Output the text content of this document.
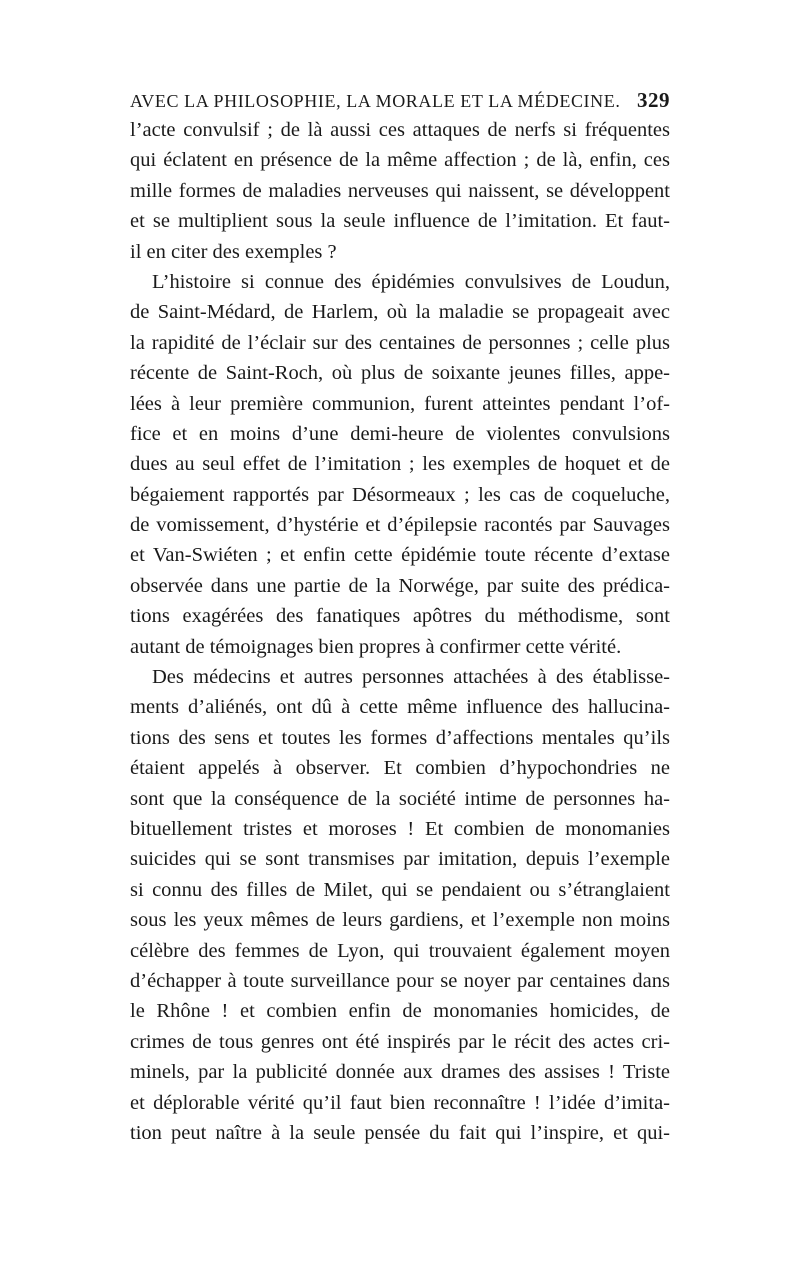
AVEC LA PHILOSOPHIE, LA MORALE ET LA MÉDECINE. 329
l’acte convulsif ; de là aussi ces attaques de nerfs si fréquentes
qui éclatent en présence de la même affection ; de là, enfin, ces
mille formes de maladies nerveuses qui naissent, se développent
et se multiplient sous la seule influence de l’imitation. Et faut-
il en citer des exemples ?
L’histoire si connue des épidémies convulsives de Loudun,
de Saint-Médard, de Harlem, où la maladie se propageait avec
la rapidité de l’éclair sur des centaines de personnes ; celle plus
récente de Saint-Roch, où plus de soixante jeunes filles, appe-
lées à leur première communion, furent atteintes pendant l’of-
fice et en moins d’une demi-heure de violentes convulsions
dues au seul effet de l’imitation ; les exemples de hoquet et de
bégaiement rapportés par Désormeaux ; les cas de coqueluche,
de vomissement, d’hystérie et d’épilepsie racontés par Sauvages
et Van-Swiéten ; et enfin cette épidémie toute récente d’extase
observée dans une partie de la Norwége, par suite des prédica-
tions exagérées des fanatiques apôtres du méthodisme, sont
autant de témoignages bien propres à confirmer cette vérité.
Des médecins et autres personnes attachées à des établisse-
ments d’aliénés, ont dû à cette même influence des hallucina-
tions des sens et toutes les formes d’affections mentales qu’ils
étaient appelés à observer. Et combien d’hypochondries ne
sont que la conséquence de la société intime de personnes ha-
bituellement tristes et moroses ! Et combien de monomanies
suicides qui se sont transmises par imitation, depuis l’exemple
si connu des filles de Milet, qui se pendaient ou s’étranglaient
sous les yeux mêmes de leurs gardiens, et l’exemple non moins
célèbre des femmes de Lyon, qui trouvaient également moyen
d’échapper à toute surveillance pour se noyer par centaines dans
le Rhône ! et combien enfin de monomanies homicides, de
crimes de tous genres ont été inspirés par le récit des actes cri-
minels, par la publicité donnée aux drames des assises ! Triste
et déplorable vérité qu’il faut bien reconnaître ! l’idée d’imita-
tion peut naître à la seule pensée du fait qui l’inspire, et qui-
